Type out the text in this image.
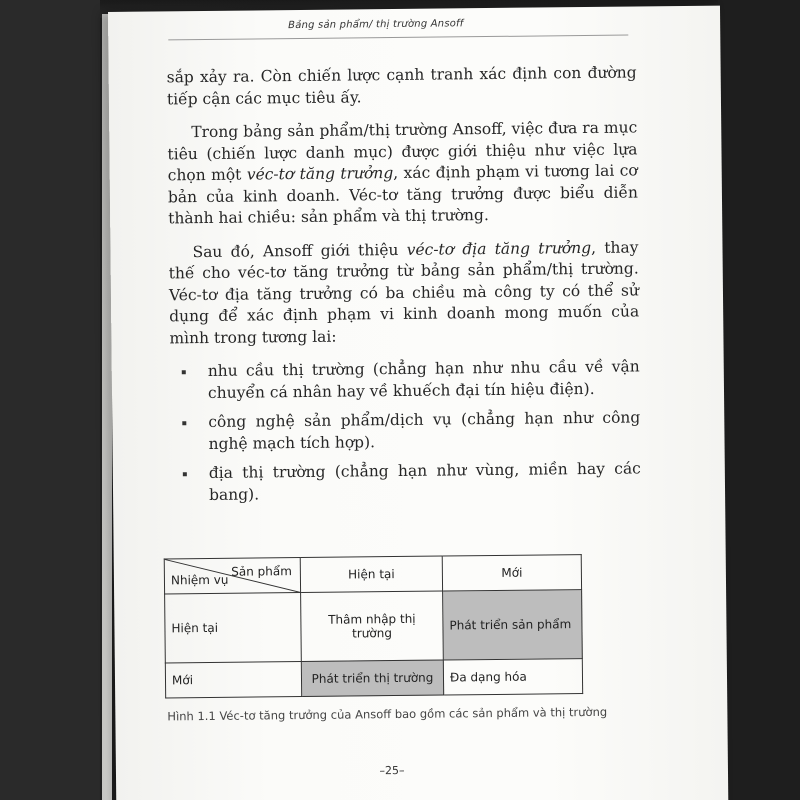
Bảng sản phẩm/ thị trường Ansoff

sắp xảy ra. Còn chiến lược cạnh tranh xác định con đường tiếp cận các mục tiêu ấy.

Trong bảng sản phẩm/thị trường Ansoff, việc đưa ra mục tiêu (chiến lược danh mục) được giới thiệu như việc lựa chọn một véc-tơ tăng trưởng, xác định phạm vi tương lai cơ bản của kinh doanh. Véc-tơ tăng trưởng được biểu diễn thành hai chiều: sản phẩm và thị trường.

Sau đó, Ansoff giới thiệu véc-tơ địa tăng trưởng, thay thế cho véc-tơ tăng trưởng từ bảng sản phẩm/thị trường. Véc-tơ địa tăng trưởng có ba chiều mà công ty có thể sử dụng để xác định phạm vi kinh doanh mong muốn của mình trong tương lai:

nhu cầu thị trường (chẳng hạn như nhu cầu về vận chuyển cá nhân hay về khuếch đại tín hiệu điện).
công nghệ sản phẩm/dịch vụ (chẳng hạn như công nghệ mạch tích hợp).
địa thị trường (chẳng hạn như vùng, miền hay các bang).
Sản phẩm
Nhiệm vụ	Hiện tại	Mới
Hiện tại	Thâm nhập thị trường	Phát triển sản phẩm
Mới	Phát triển thị trường	Đa dạng hóa
Hình 1.1 Véc-tơ tăng trưởng của Ansoff bao gồm các sản phẩm và thị trường
–25–
